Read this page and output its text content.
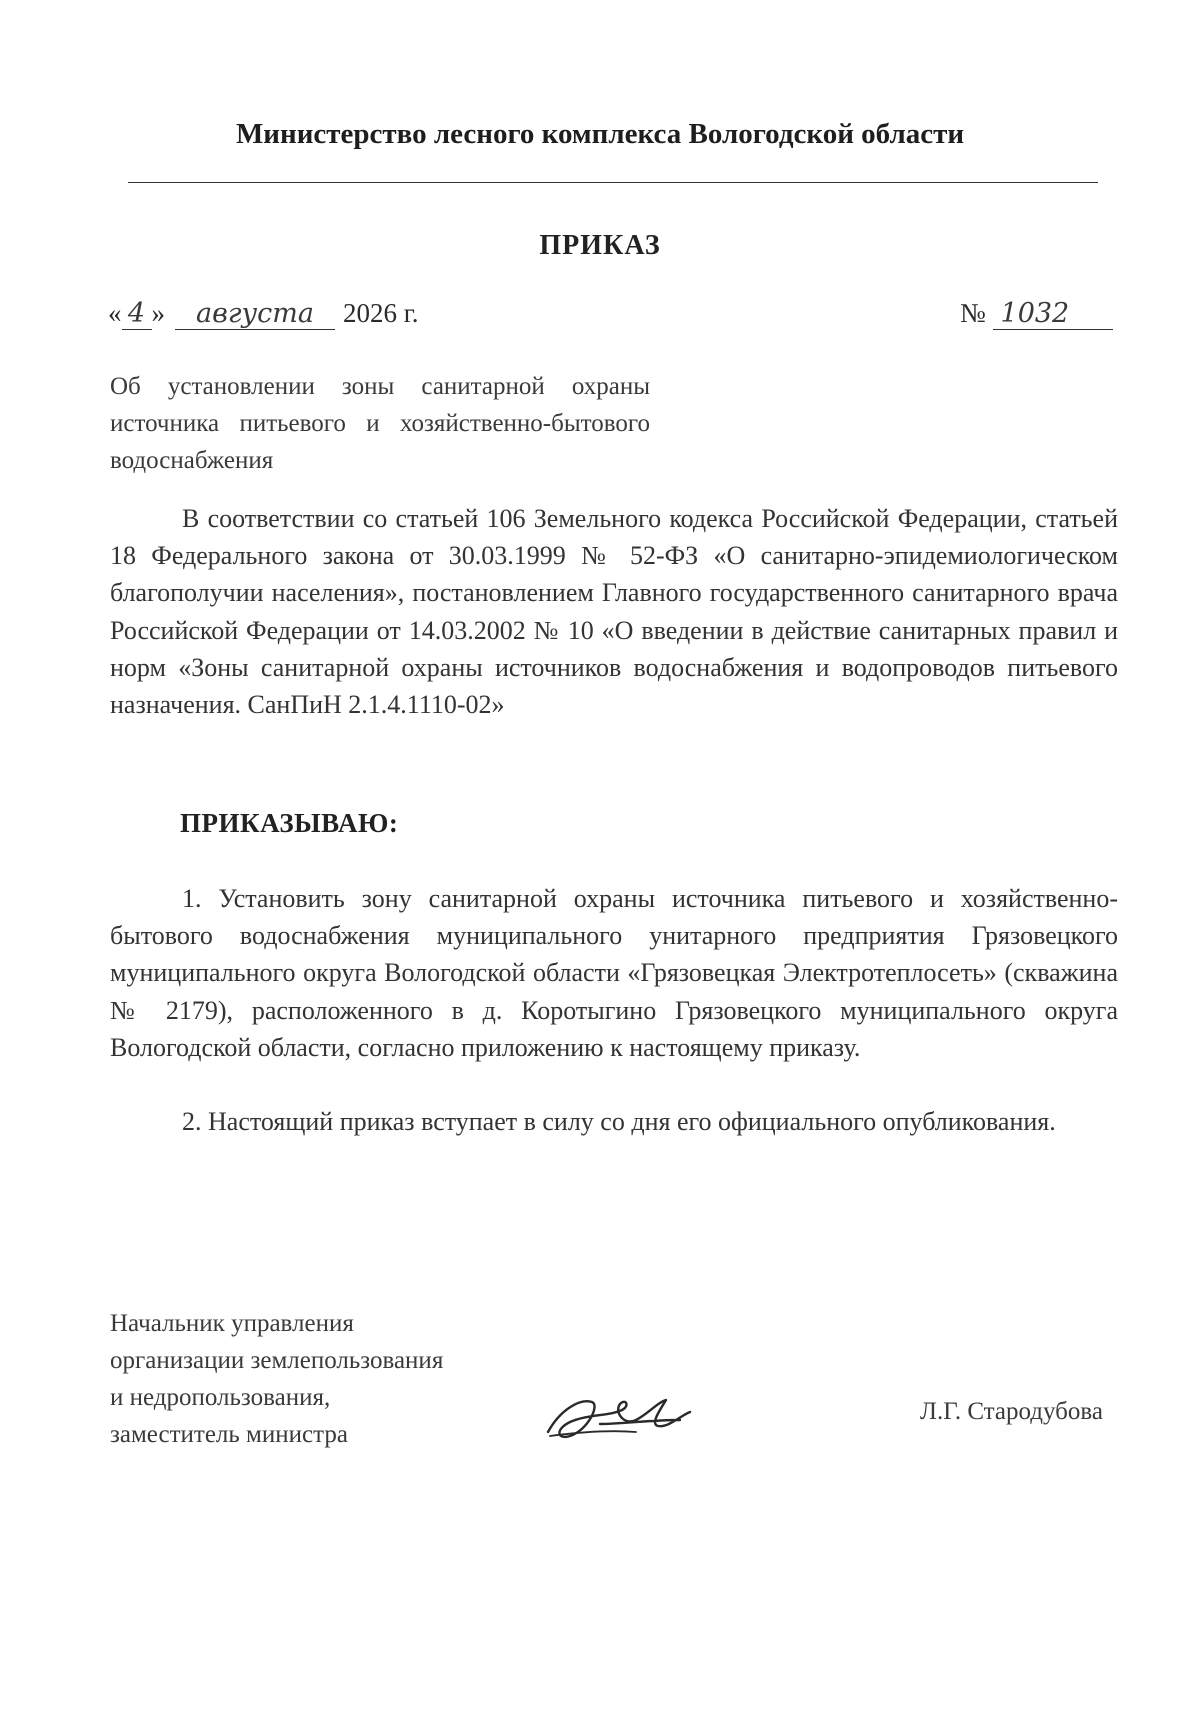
Министерство лесного комплекса Вологодской области
ПРИКАЗ
« 4 » августа 2026 г.	№ 1032
Об установлении зоны санитарной охраны источника питьевого и хозяйственно-бытового водоснабжения
В соответствии со статьей 106 Земельного кодекса Российской Федерации, статьей 18 Федерального закона от 30.03.1999 № 52-ФЗ «О санитарно-эпидемиологическом благополучии населения», постановлением Главного государственного санитарного врача Российской Федерации от 14.03.2002 № 10 «О введении в действие санитарных правил и норм «Зоны санитарной охраны источников водоснабжения и водопроводов питьевого назначения. СанПиН 2.1.4.1110-02»
ПРИКАЗЫВАЮ:
1. Установить зону санитарной охраны источника питьевого и хозяйственно-бытового водоснабжения муниципального унитарного предприятия Грязовецкого муниципального округа Вологодской области «Грязовецкая Электротеплосеть» (скважина № 2179), расположенного в д. Коротыгино Грязовецкого муниципального округа Вологодской области, согласно приложению к настоящему приказу.
2. Настоящий приказ вступает в силу со дня его официального опубликования.
Начальник управления
организации землепользования
и недропользования,
заместитель министра
Л.Г. Стародубова
